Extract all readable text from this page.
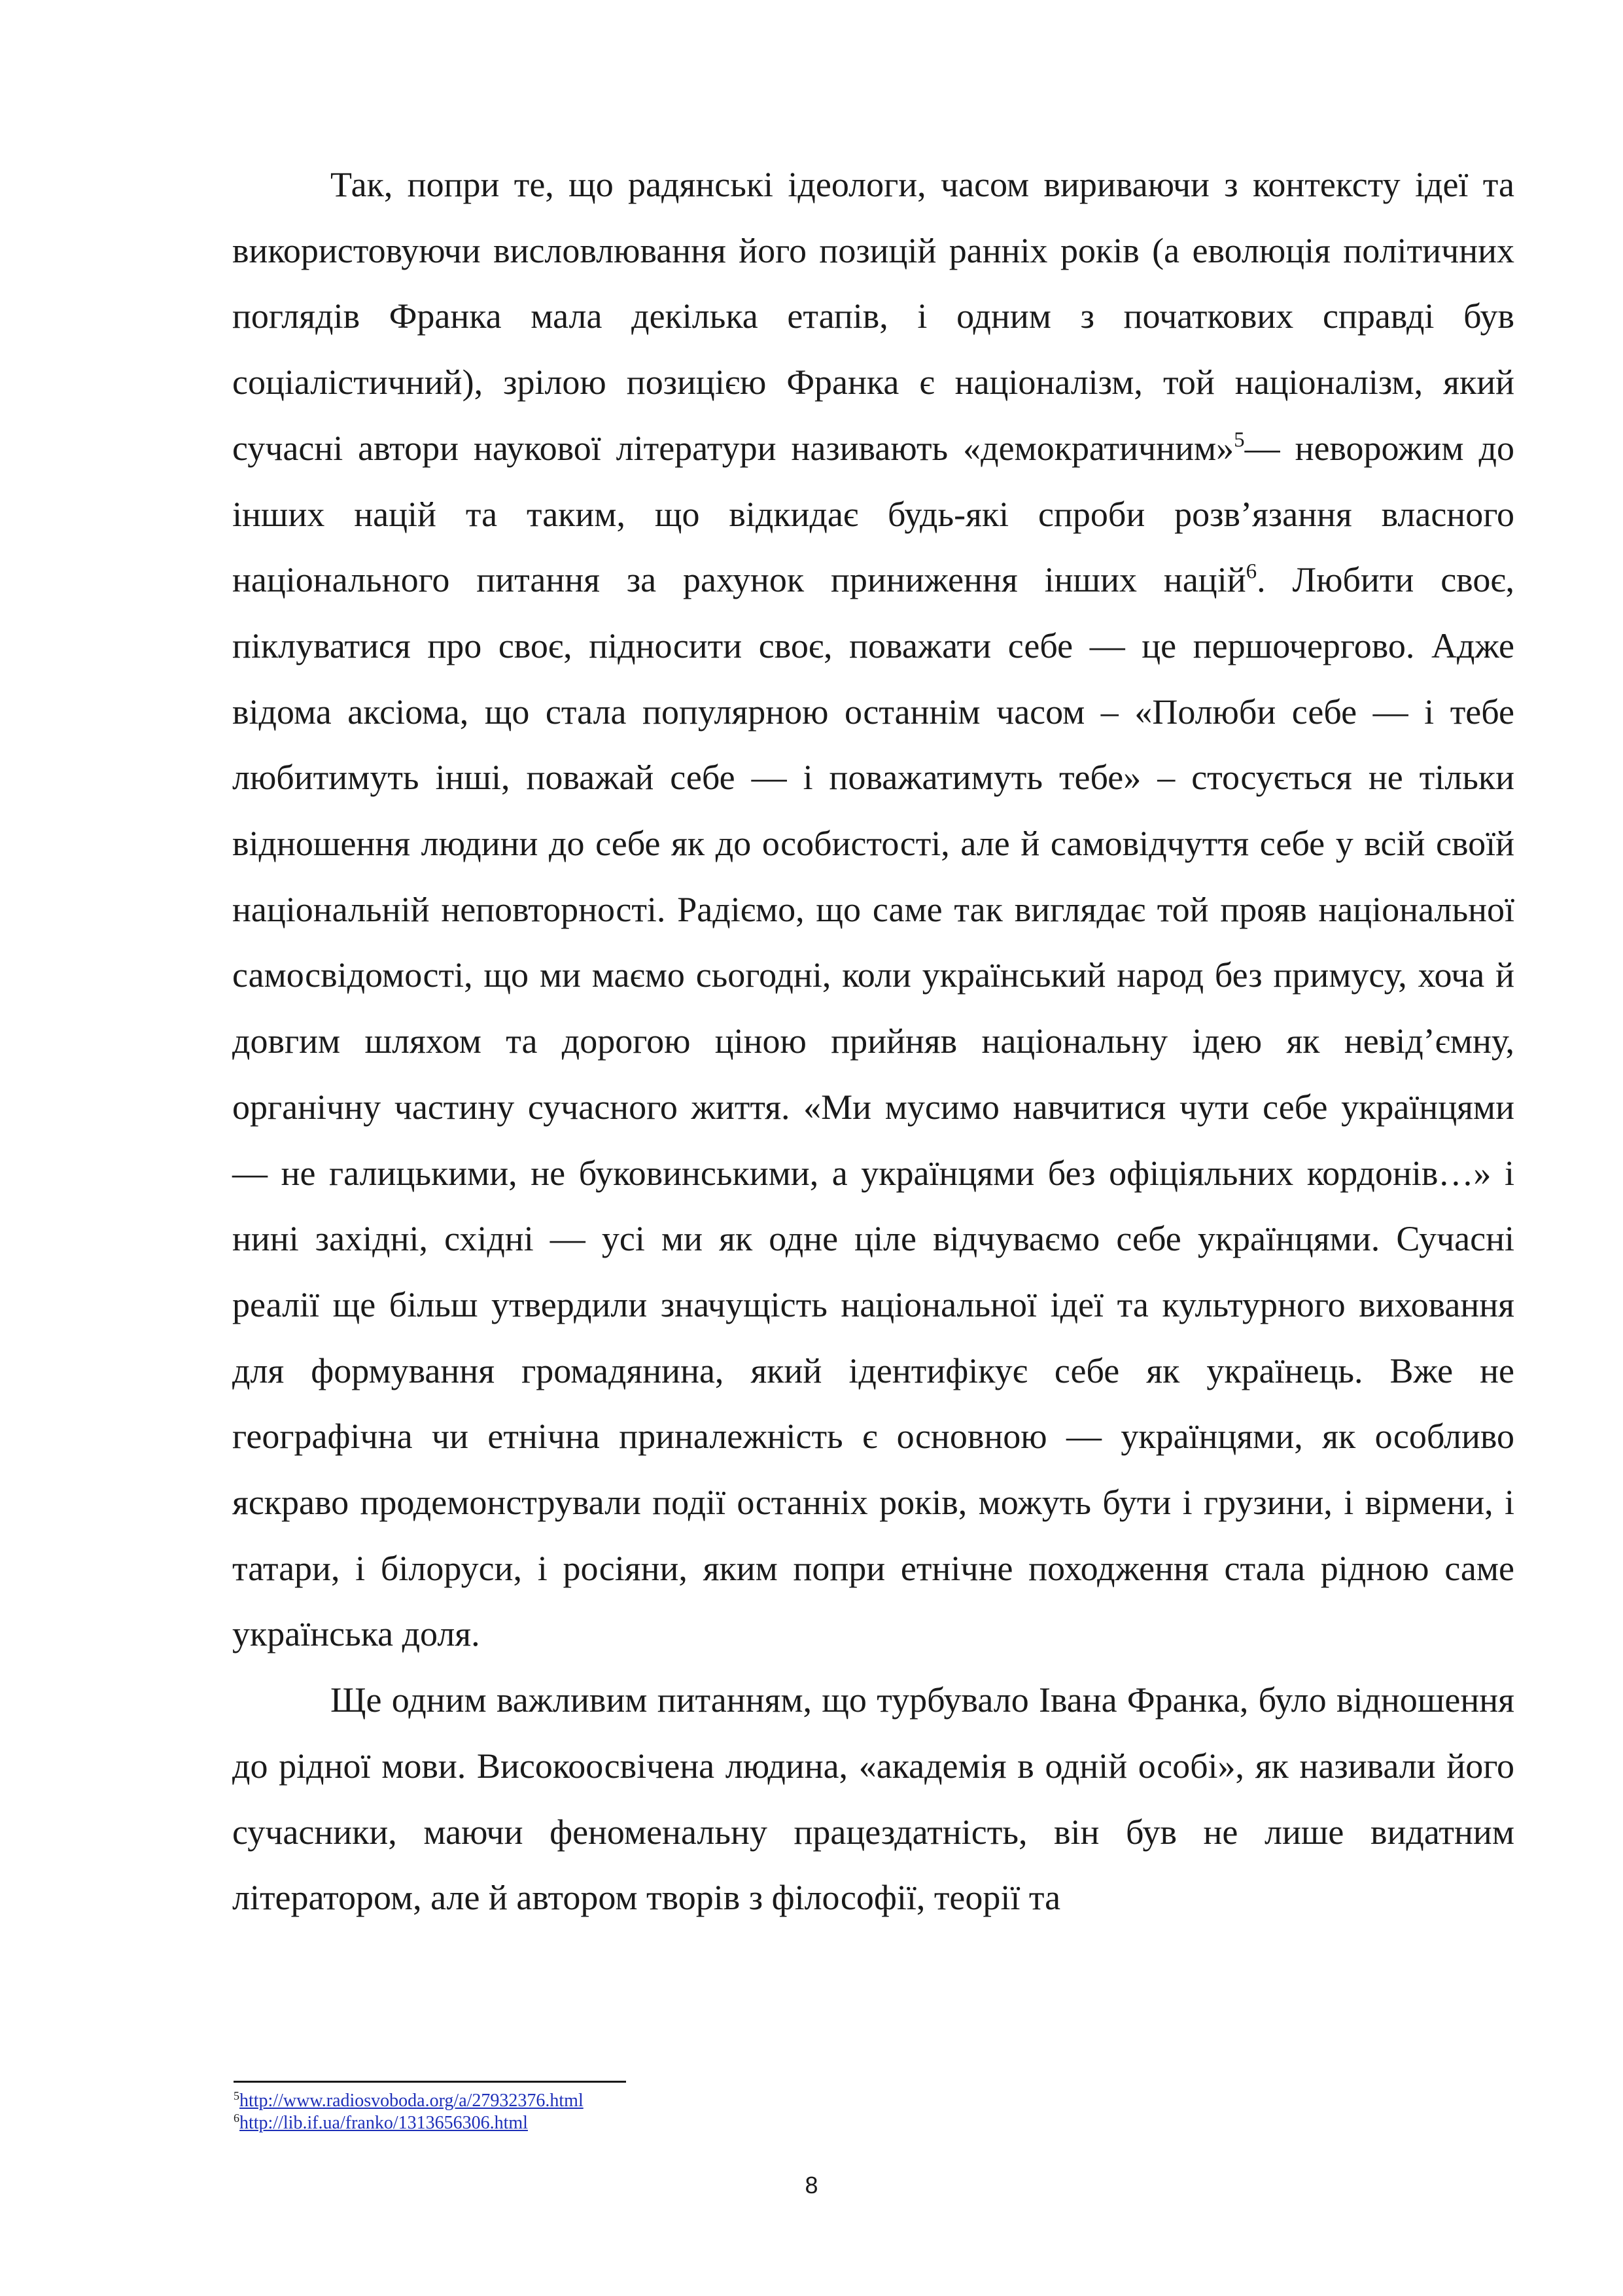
Так, попри те, що радянські ідеологи, часом вириваючи з контексту ідеї та використовуючи висловлювання його позицій ранніх років (а еволюція політичних поглядів Франка мала декілька етапів, і одним з початкових справді був соціалістичний), зрілою позицією Франка є націоналізм, той націоналізм, який сучасні автори наукової літератури називають «демократичним»$^5$— неворожим до інших націй та таким, що відкидає будь-які спроби розв’язання власного національного питання за рахунок приниження інших націй$^6$. Любити своє, піклуватися про своє, підносити своє, поважати себе — це першочергово. Адже відома аксіома, що стала популярною останнім часом – «Полюби себе — і тебе любитимуть інші, поважай себе — і поважатимуть тебе» – стосується не тільки відношення людини до себе як до особистості, але й самовідчуття себе у всій своїй національній неповторності. Радіємо, що саме так виглядає той прояв національної самосвідомості, що ми маємо сьогодні, коли український народ без примусу, хоча й довгим шляхом та дорогою ціною прийняв національну ідею як невід’ємну, органічну частину сучасного життя. «Ми мусимо навчитися чути себе українцями — не галицькими, не буковинськими, а українцями без офіціяльних кордонів…» і нині західні, східні — усі ми як одне ціле відчуваємо себе українцями. Сучасні реалії ще більш утвердили значущість національної ідеї та культурного виховання для формування громадянина, який ідентифікує себе як українець. Вже не географічна чи етнічна приналежність є основною — українцями, як особливо яскраво продемонстрували події останніх років, можуть бути і грузини, і вірмени, і татари, і білоруси, і росіяни, яким попри етнічне походження стала рідною саме українська доля.

Ще одним важливим питанням, що турбувало Івана Франка, було відношення до рідної мови. Високоосвічена людина, «академія в одній особі», як називали його сучасники, маючи феноменальну працездатність, він був не лише видатним літератором, але й автором творів з філософії, теорії та

$^5$http://www.radiosvoboda.org/a/27932376.html

$^6$http://lib.if.ua/franko/1313656306.html

8
